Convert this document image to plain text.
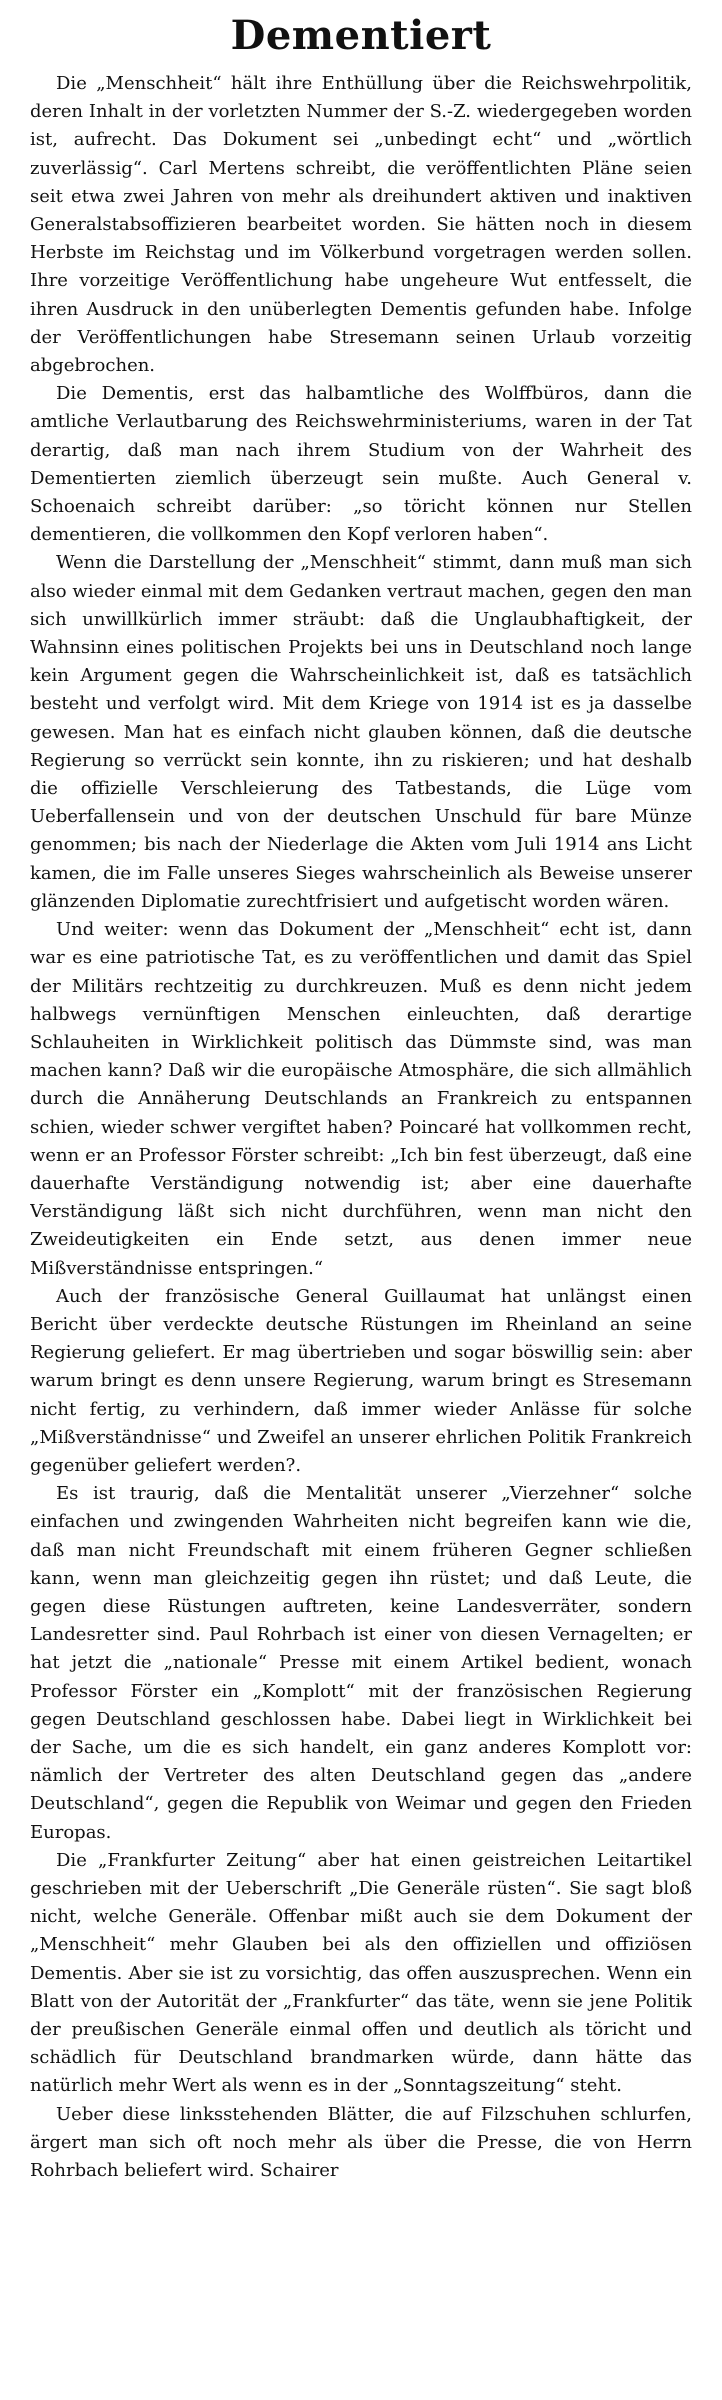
Dementiert

Die „Menschheit“ hält ihre Enthüllung über die Reichswehrpolitik, deren Inhalt in der vorletzten Nummer der S.-Z. wiedergegeben worden ist, aufrecht. Das Dokument sei „unbedingt echt“ und „wörtlich zuverlässig“. Carl Mertens schreibt, die veröffentlichten Pläne seien seit etwa zwei Jahren von mehr als dreihundert aktiven und inaktiven Generalstabsoffizieren bearbeitet worden. Sie hätten noch in diesem Herbste im Reichstag und im Völkerbund vorgetragen werden sollen. Ihre vorzeitige Veröffentlichung habe ungeheure Wut entfesselt, die ihren Ausdruck in den unüberlegten Dementis gefunden habe. Infolge der Veröffentlichungen habe Stresemann seinen Urlaub vorzeitig abgebrochen.

Die Dementis, erst das halbamtliche des Wolffbüros, dann die amtliche Verlautbarung des Reichswehrministeriums, waren in der Tat derartig, daß man nach ihrem Studium von der Wahrheit des Dementierten ziemlich überzeugt sein mußte. Auch General v. Schoenaich schreibt darüber: „so töricht können nur Stellen dementieren, die vollkommen den Kopf verloren haben“.

Wenn die Darstellung der „Menschheit“ stimmt, dann muß man sich also wieder einmal mit dem Gedanken vertraut machen, gegen den man sich unwillkürlich immer sträubt: daß die Unglaubhaftigkeit, der Wahnsinn eines politischen Projekts bei uns in Deutschland noch lange kein Argument gegen die Wahrscheinlichkeit ist, daß es tatsächlich besteht und verfolgt wird. Mit dem Kriege von 1914 ist es ja dasselbe gewesen. Man hat es einfach nicht glauben können, daß die deutsche Regierung so verrückt sein konnte, ihn zu riskieren; und hat deshalb die offizielle Verschleierung des Tatbestands, die Lüge vom Ueberfallensein und von der deutschen Unschuld für bare Münze genommen; bis nach der Niederlage die Akten vom Juli 1914 ans Licht kamen, die im Falle unseres Sieges wahrscheinlich als Beweise unserer glänzenden Diplomatie zurechtfrisiert und aufgetischt worden wären.

Und weiter: wenn das Dokument der „Menschheit“ echt ist, dann war es eine patriotische Tat, es zu veröffentlichen und damit das Spiel der Militärs rechtzeitig zu durchkreuzen. Muß es denn nicht jedem halbwegs vernünftigen Menschen einleuchten, daß derartige Schlauheiten in Wirklichkeit politisch das Dümmste sind, was man machen kann? Daß wir die europäische Atmosphäre, die sich allmählich durch die Annäherung Deutschlands an Frankreich zu entspannen schien, wieder schwer vergiftet haben? Poincaré hat vollkommen recht, wenn er an Professor Förster schreibt: „Ich bin fest überzeugt, daß eine dauerhafte Verständigung notwendig ist; aber eine dauerhafte Verständigung läßt sich nicht durchführen, wenn man nicht den Zweideutigkeiten ein Ende setzt, aus denen immer neue Mißverständnisse entspringen.“

Auch der französische General Guillaumat hat unlängst einen Bericht über verdeckte deutsche Rüstungen im Rheinland an seine Regierung geliefert. Er mag übertrieben und sogar böswillig sein: aber warum bringt es denn unsere Regierung, warum bringt es Stresemann nicht fertig, zu verhindern, daß immer wieder Anlässe für solche „Mißverständnisse“ und Zweifel an unserer ehrlichen Politik Frankreich gegenüber geliefert werden?.

Es ist traurig, daß die Mentalität unserer „Vierzehner“ solche einfachen und zwingenden Wahrheiten nicht begreifen kann wie die, daß man nicht Freundschaft mit einem früheren Gegner schließen kann, wenn man gleichzeitig gegen ihn rüstet; und daß Leute, die gegen diese Rüstungen auftreten, keine Landesverräter, sondern Landesretter sind. Paul Rohrbach ist einer von diesen Vernagelten; er hat jetzt die „nationale“ Presse mit einem Artikel bedient, wonach Professor Förster ein „Komplott“ mit der französischen Regierung gegen Deutschland geschlossen habe. Dabei liegt in Wirklichkeit bei der Sache, um die es sich handelt, ein ganz anderes Komplott vor: nämlich der Vertreter des alten Deutschland gegen das „andere Deutschland“, gegen die Republik von Weimar und gegen den Frieden Europas.

Die „Frankfurter Zeitung“ aber hat einen geistreichen Leitartikel geschrieben mit der Ueberschrift „Die Generäle rüsten“. Sie sagt bloß nicht, welche Generäle. Offenbar mißt auch sie dem Dokument der „Menschheit“ mehr Glauben bei als den offiziellen und offiziösen Dementis. Aber sie ist zu vorsichtig, das offen auszusprechen. Wenn ein Blatt von der Autorität der „Frankfurter“ das täte, wenn sie jene Politik der preußischen Generäle einmal offen und deutlich als töricht und schädlich für Deutschland brandmarken würde, dann hätte das natürlich mehr Wert als wenn es in der „Sonntagszeitung“ steht.

Ueber diese linksstehenden Blätter, die auf Filzschuhen schlurfen, ärgert man sich oft noch mehr als über die Presse, die von Herrn Rohrbach beliefert wird. Schairer
